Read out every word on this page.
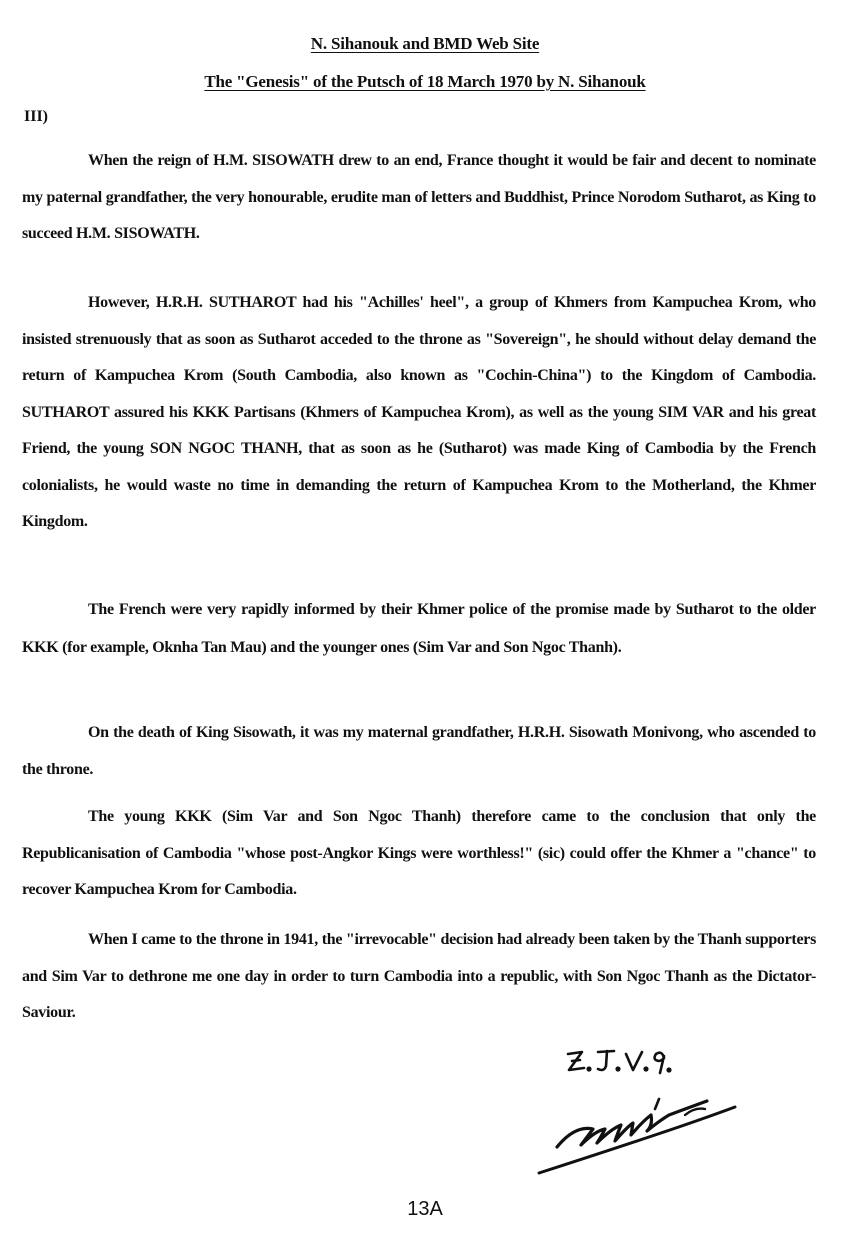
N. Sihanouk and BMD Web Site
The "Genesis" of the Putsch of 18 March 1970 by N. Sihanouk
III)

When the reign of H.M. SISOWATH drew to an end, France thought it would be fair and decent to nominate my paternal grandfather, the very honourable, erudite man of letters and Buddhist, Prince Norodom Sutharot, as King to succeed H.M. SISOWATH.

However, H.R.H. SUTHAROT had his "Achilles' heel", a group of Khmers from Kampuchea Krom, who insisted strenuously that as soon as Sutharot acceded to the throne as "Sovereign", he should without delay demand the return of Kampuchea Krom (South Cambodia, also known as "Cochin-China") to the Kingdom of Cambodia. SUTHAROT assured his KKK Partisans (Khmers of Kampuchea Krom), as well as the young SIM VAR and his great Friend, the young SON NGOC THANH, that as soon as he (Sutharot) was made King of Cambodia by the French colonialists, he would waste no time in demanding the return of Kampuchea Krom to the Motherland, the Khmer Kingdom.

The French were very rapidly informed by their Khmer police of the promise made by Sutharot to the older KKK (for example, Oknha Tan Mau) and the younger ones (Sim Var and Son Ngoc Thanh).

On the death of King Sisowath, it was my maternal grandfather, H.R.H. Sisowath Monivong, who ascended to the throne.

The young KKK (Sim Var and Son Ngoc Thanh) therefore came to the conclusion that only the Republicanisation of Cambodia "whose post-Angkor Kings were worthless!" (sic) could offer the Khmer a "chance" to recover Kampuchea Krom for Cambodia.

When I came to the throne in 1941, the "irrevocable" decision had already been taken by the Thanh supporters and Sim Var to dethrone me one day in order to turn Cambodia into a republic, with Son Ngoc Thanh as the Dictator-Saviour.

13A
